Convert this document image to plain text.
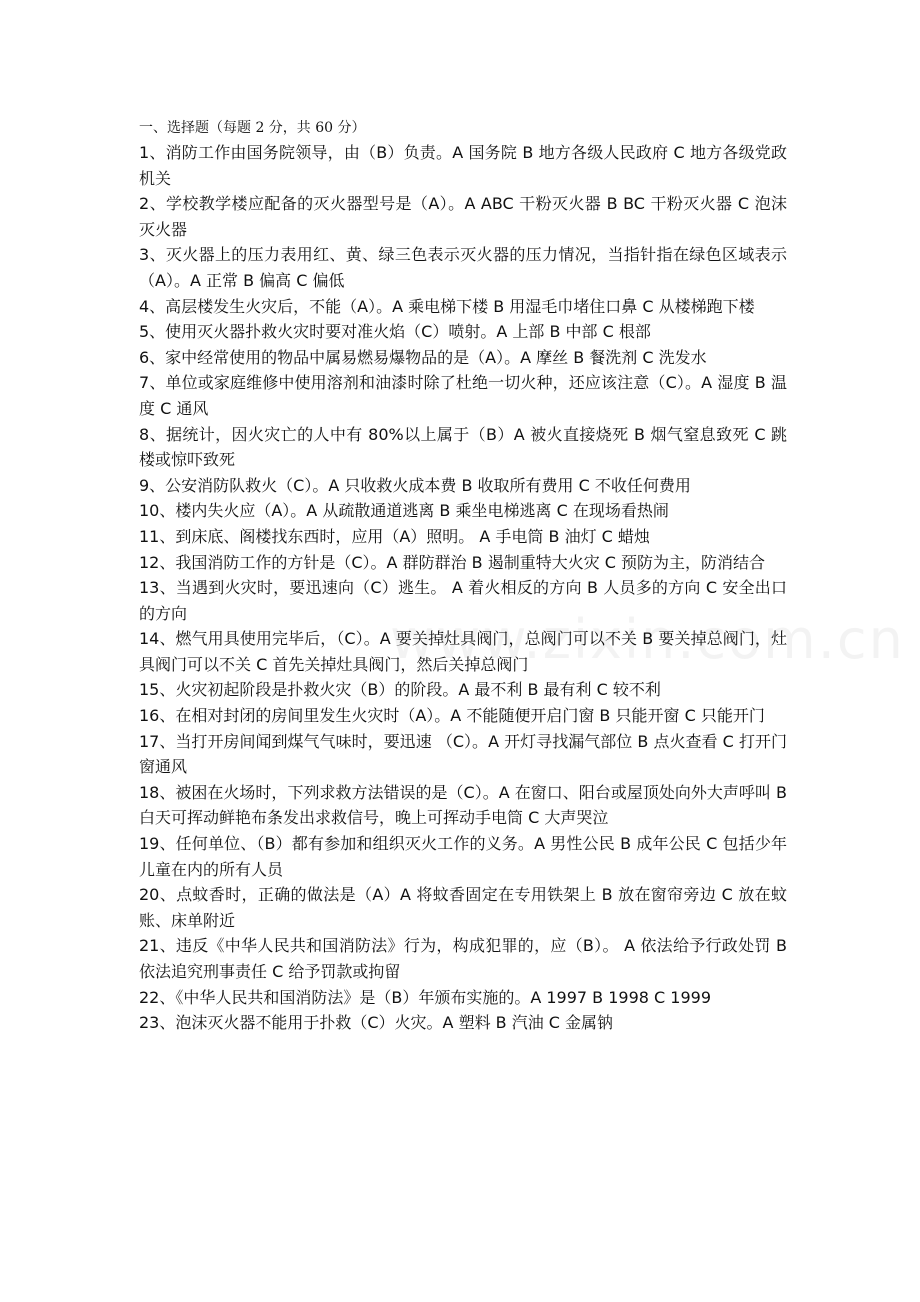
一、选择题（每题 2 分，共 60 分）

1、消防工作由国务院领导，由（B）负责。A 国务院 B 地方各级人民政府 C 地方各级党政机关

2、学校教学楼应配备的灭火器型号是（A）。A ABC 干粉灭火器 B BC 干粉灭火器 C 泡沫灭火器

3、灭火器上的压力表用红、黄、绿三色表示灭火器的压力情况，当指针指在绿色区域表示（A）。A 正常 B 偏高 C 偏低

4、高层楼发生火灾后，不能（A）。A 乘电梯下楼 B 用湿毛巾堵住口鼻 C 从楼梯跑下楼

5、使用灭火器扑救火灾时要对准火焰（C）喷射。A 上部 B 中部 C 根部

6、家中经常使用的物品中属易燃易爆物品的是（A）。A 摩丝 B 餐洗剂 C 洗发水

7、单位或家庭维修中使用溶剂和油漆时除了杜绝一切火种，还应该注意（C）。A 湿度 B 温度 C 通风

8、据统计，因火灾亡的人中有 80%以上属于（B）A 被火直接烧死 B 烟气窒息致死 C 跳楼或惊吓致死

9、公安消防队救火（C）。A 只收救火成本费 B 收取所有费用 C 不收任何费用

10、楼内失火应（A）。A 从疏散通道逃离 B 乘坐电梯逃离 C 在现场看热闹

11、到床底、阁楼找东西时，应用（A）照明。 A 手电筒 B 油灯 C 蜡烛

12、我国消防工作的方针是（C）。A 群防群治 B 遏制重特大火灾 C 预防为主，防消结合

13、当遇到火灾时，要迅速向（C）逃生。 A 着火相反的方向 B 人员多的方向 C 安全出口的方向

14、燃气用具使用完毕后，（C）。A 要关掉灶具阀门，总阀门可以不关 B 要关掉总阀门，灶具阀门可以不关 C 首先关掉灶具阀门，然后关掉总阀门

15、火灾初起阶段是扑救火灾（B）的阶段。A 最不利 B 最有利 C 较不利

16、在相对封闭的房间里发生火灾时（A）。A 不能随便开启门窗 B 只能开窗 C 只能开门

17、当打开房间闻到煤气气味时，要迅速 （C）。A 开灯寻找漏气部位 B 点火查看 C 打开门窗通风

18、被困在火场时，下列求救方法错误的是（C）。A 在窗口、阳台或屋顶处向外大声呼叫 B 白天可挥动鲜艳布条发出求救信号，晚上可挥动手电筒 C 大声哭泣

19、任何单位、（B）都有参加和组织灭火工作的义务。A 男性公民 B 成年公民 C 包括少年儿童在内的所有人员

20、点蚊香时，正确的做法是（A）A 将蚊香固定在专用铁架上 B 放在窗帘旁边 C 放在蚊账、床单附近

21、违反《中华人民共和国消防法》行为，构成犯罪的，应（B）。 A 依法给予行政处罚 B 依法追究刑事责任 C 给予罚款或拘留

22、《中华人民共和国消防法》是（B）年颁布实施的。A 1997 B 1998 C 1999

23、泡沫灭火器不能用于扑救（C）火灾。A 塑料 B 汽油 C 金属钠
